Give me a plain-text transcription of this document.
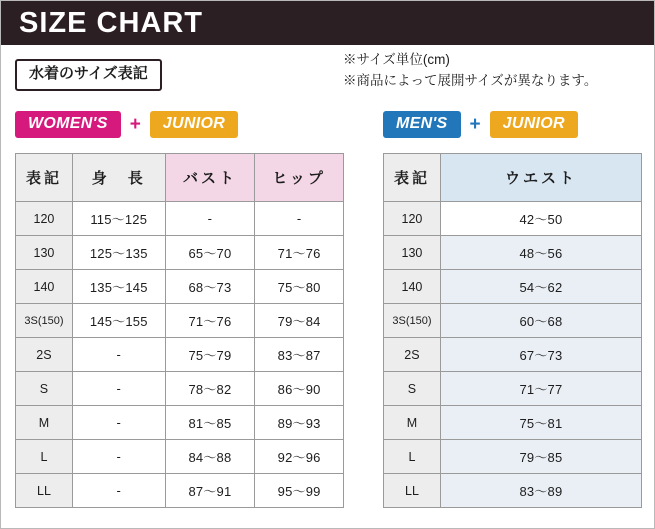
SIZE CHART
水着のサイズ表記
※サイズ単位(cm)
※商品によって展開サイズが異なります。
WOMEN'S	+	JUNIOR	MEN'S	+	JUNIOR
表記	身　長	バスト	ヒップ
120	115〜125	-	-
130	125〜135	65〜70	71〜76
140	135〜145	68〜73	75〜80
3S(150)	145〜155	71〜76	79〜84
2S	-	75〜79	83〜87
S	-	78〜82	86〜90
M	-	81〜85	89〜93
L	-	84〜88	92〜96
LL	-	87〜91	95〜99
表記	ウエスト
120	42〜50
130	48〜56
140	54〜62
3S(150)	60〜68
2S	67〜73
S	71〜77
M	75〜81
L	79〜85
LL	83〜89
